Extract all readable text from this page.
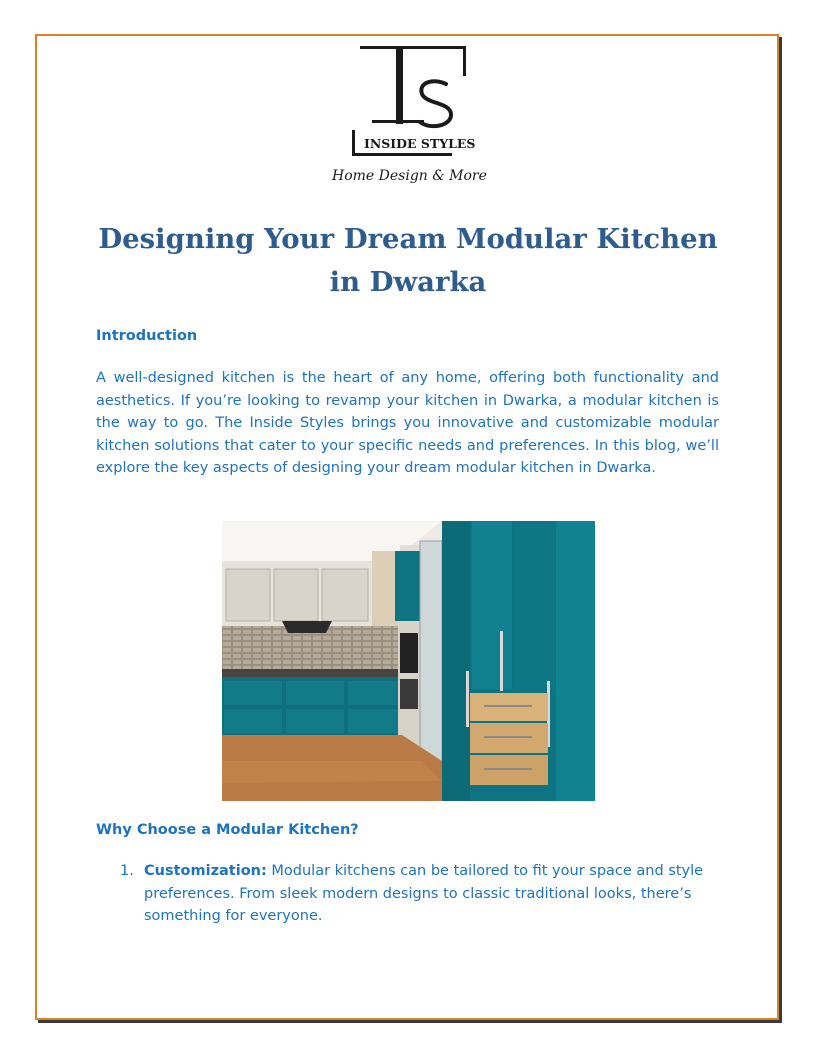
INSIDE STYLES
Home Design & More
Designing Your Dream Modular Kitchen in Dwarka
Introduction

A well-designed kitchen is the heart of any home, offering both functionality and aesthetics. If you’re looking to revamp your kitchen in Dwarka, a modular kitchen is the way to go. The Inside Styles brings you innovative and customizable modular kitchen solutions that cater to your specific needs and preferences. In this blog, we’ll explore the key aspects of designing your dream modular kitchen in Dwarka.

Why Choose a Modular Kitchen?
1. Customization: Modular kitchens can be tailored to fit your space and style preferences. From sleek modern designs to classic traditional looks, there’s something for everyone.
